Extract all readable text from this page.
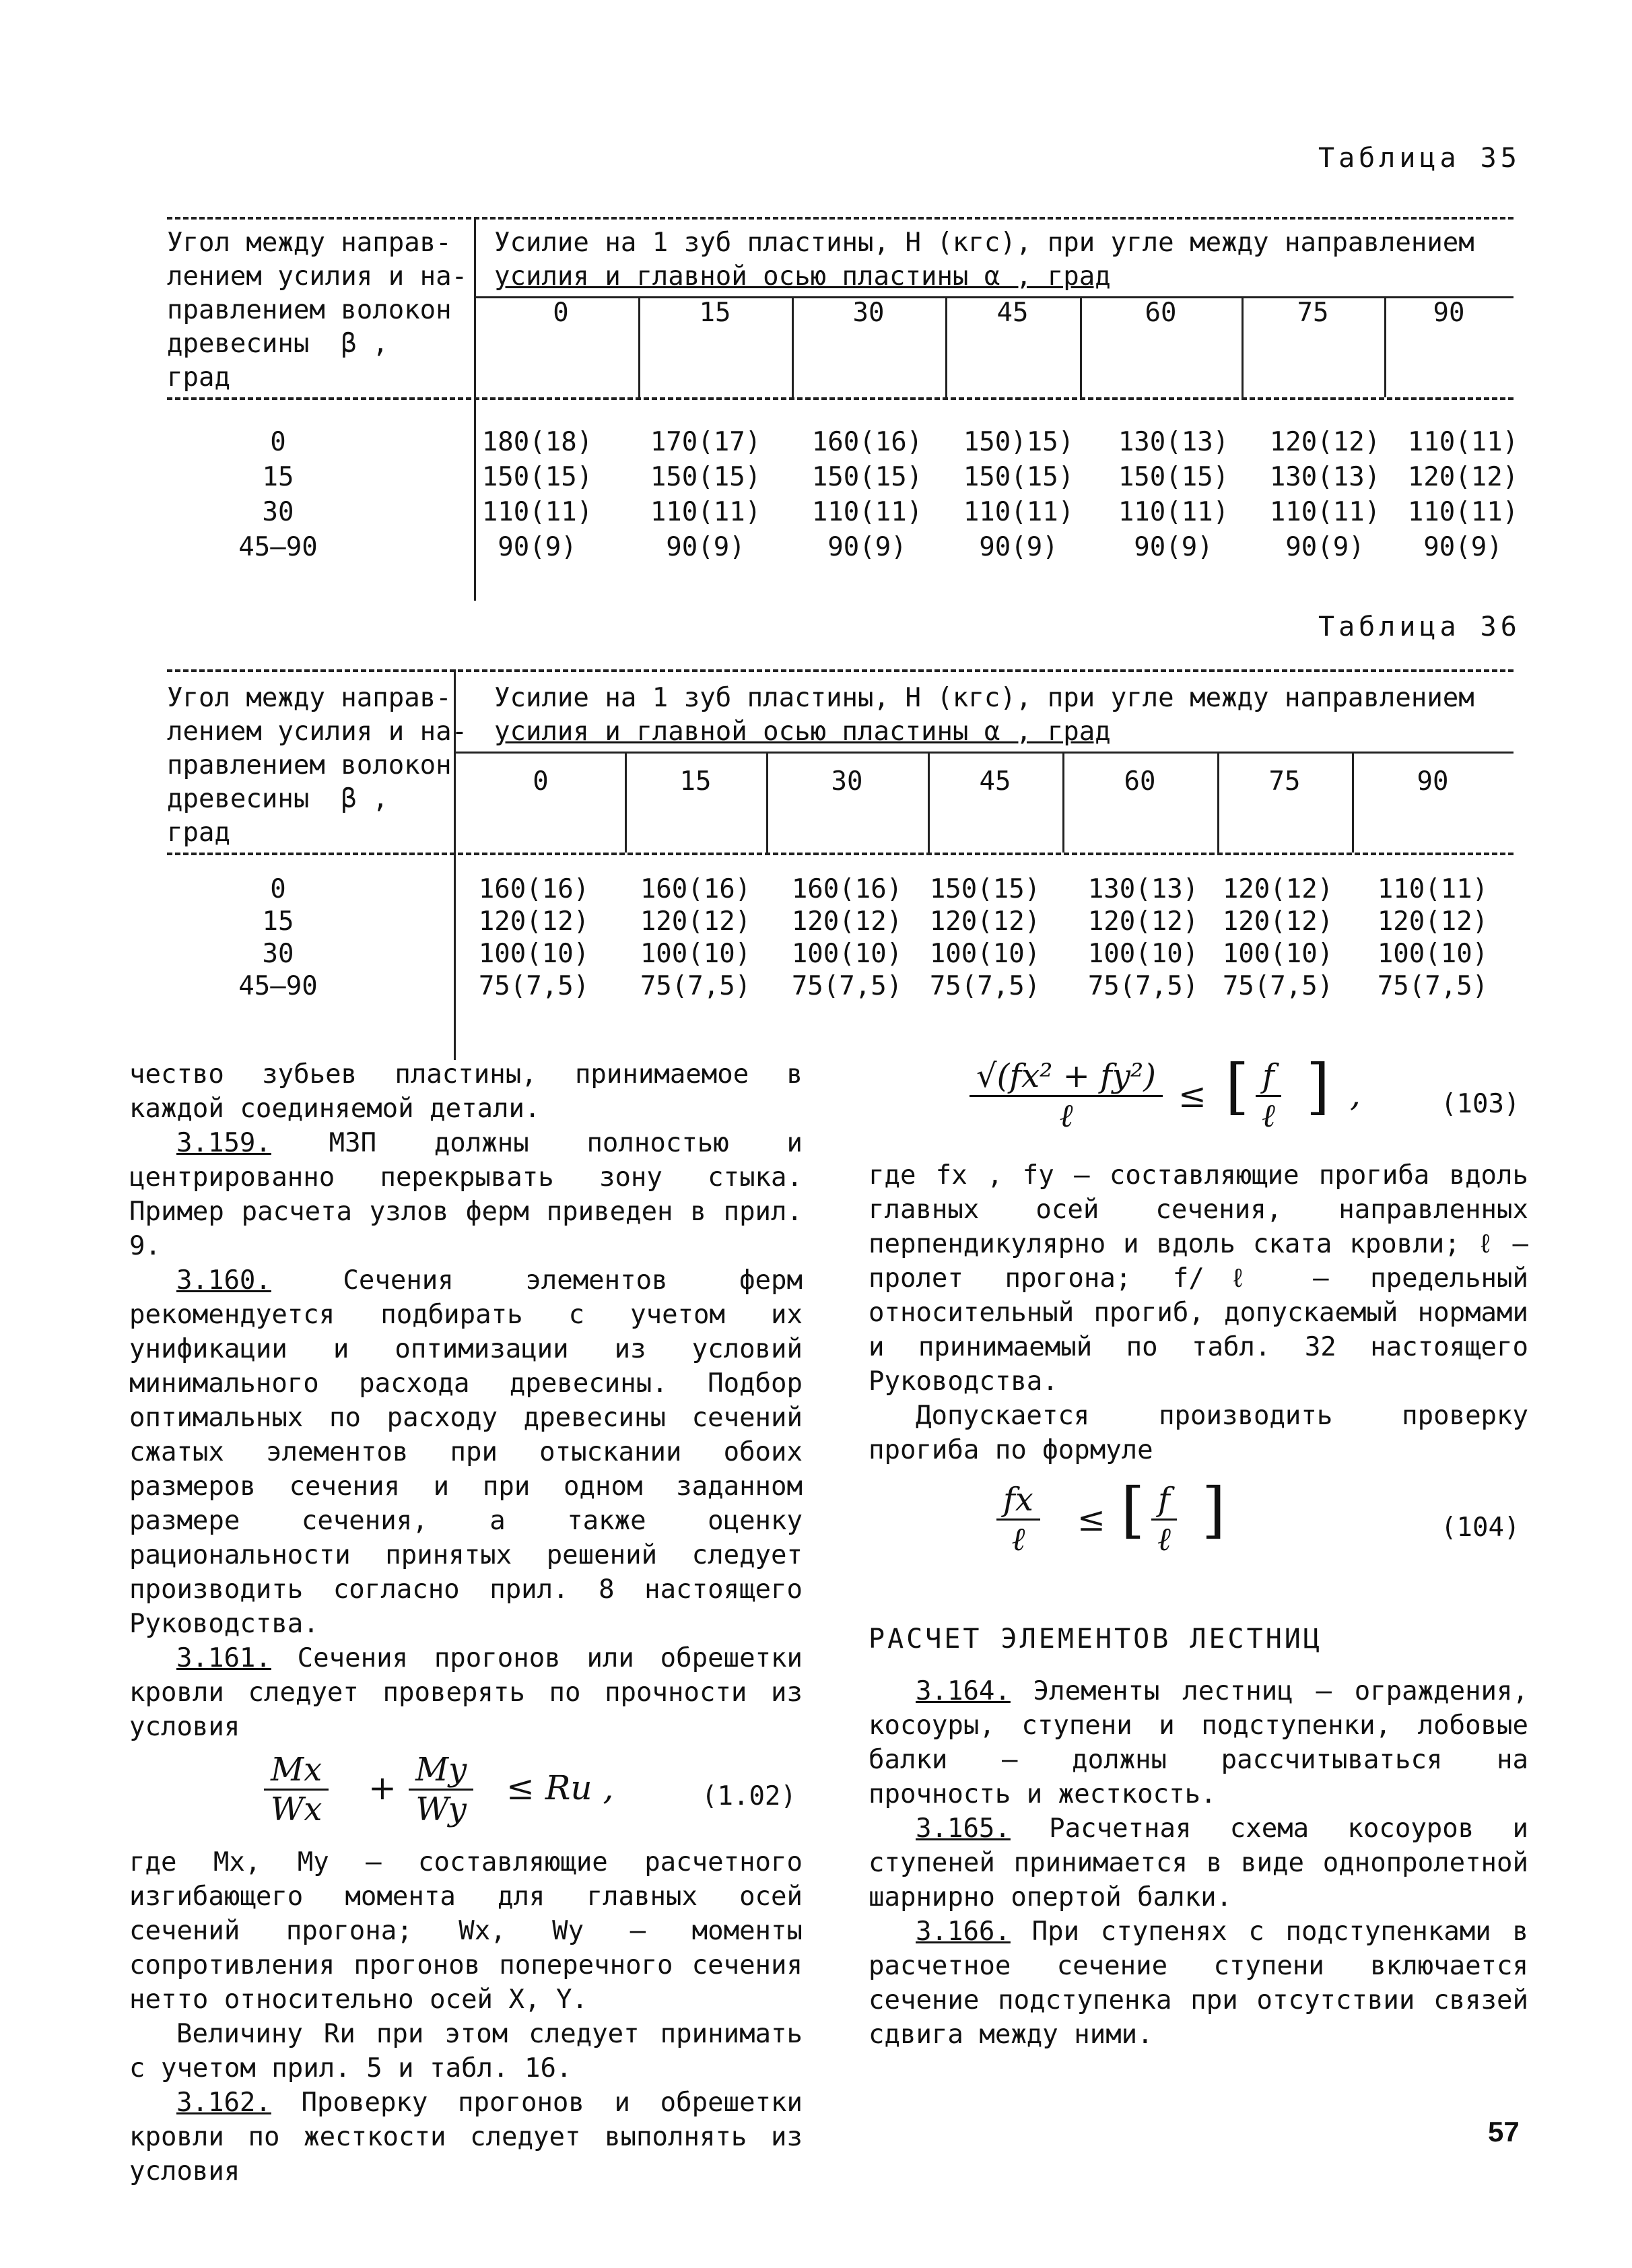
Таблица 35
Угол между направ-
лением усилия и на-
правлением волокон
древесины  β ,
град
Усилие на 1 зуб пластины, Н (кгс), при угле между направлением
усилия и главной осью пластины α , град
0	15	30	45	60	75	90
0	180(18)	170(17)	160(16)	150)15)	130(13)	120(12)	110(11)
15	150(15)	150(15)	150(15)	150(15)	150(15)	130(13)	120(12)
30	110(11)	110(11)	110(11)	110(11)	110(11)	110(11)	110(11)
45–90	90(9)	90(9)	90(9)	90(9)	90(9)	90(9)	90(9)
Таблица 36
Угол между направ-
лением усилия и на-
правлением волокон
древесины  β ,
град
Усилие на 1 зуб пластины, Н (кгс), при угле между направлением
усилия и главной осью пластины α , град
0	15	30	45	60	75	90
0	160(16)	160(16)	160(16)	150(15)	130(13) 120(12)	110(11)
15	120(12)	120(12)	120(12)	120(12)	120(12) 120(12)	120(12)
30	100(10)	100(10)	100(10)	100(10)	100(10) 100(10)	100(10)
45–90	75(7,5)	75(7,5)	75(7,5)	75(7,5)	75(7,5) 75(7,5)	75(7,5)

чество зубьев пластины, принимаемое в каждой соединяемой детали.

3.159. МЗП должны полностью и центрированно перекрывать зону стыка. Пример расчета узлов ферм приведен в прил. 9.

3.160. Сечения элементов ферм рекомендуется подбирать с учетом их унификации и оптимизации из условий минимального расхода древесины. Подбор оптимальных по расходу древесины сечений сжатых элементов при отыскании обоих размеров сечения и при одном заданном размере сечения, а также оценку рациональности принятых решений следует производить согласно прил. 8 настоящего Руководства.

3.161. Сечения прогонов или обрешетки кровли следует проверять по прочности из условия

$\frac{Mx}{Wx} + \frac{My}{Wy}$ ≤ Rи ,	(1.02)

где Mx, My – составляющие расчетного изгибающего момента для главных осей сечений прогона; Wx, Wy – моменты сопротивления прогонов поперечного сечения нетто относительно осей X, Y.

Величину Rи при этом следует принимать с учетом прил. 5 и табл. 16.

3.162. Проверку прогонов и обрешетки кровли по жесткости следует выполнять из условия

√(fx² + fy²)
ℓ
≤ [ f
ℓ ] ,	(103)

где fx , fy – составляющие прогиба вдоль главных осей сечения, направленных перпендикулярно и вдоль ската кровли; ℓ – пролет прогона; f/ℓ – предельный относительный прогиб, допускаемый нормами и принимаемый по табл. 32 настоящего Руководства.

Допускается производить проверку прогиба по формуле

fx
ℓ
≤ [ f
ℓ ]	(104)

РАСЧЕТ ЭЛЕМЕНТОВ ЛЕСТНИЦ

3.164. Элементы лестниц – ограждения, косоуры, ступени и подступенки, лобовые балки – должны рассчитываться на прочность и жесткость.

3.165. Расчетная схема косоуров и ступеней принимается в виде однопролетной шарнирно опертой балки.

3.166. При ступенях с подступенками в расчетное сечение ступени включается сечение подступенка при отсутствии связей сдвига между ними.

57
